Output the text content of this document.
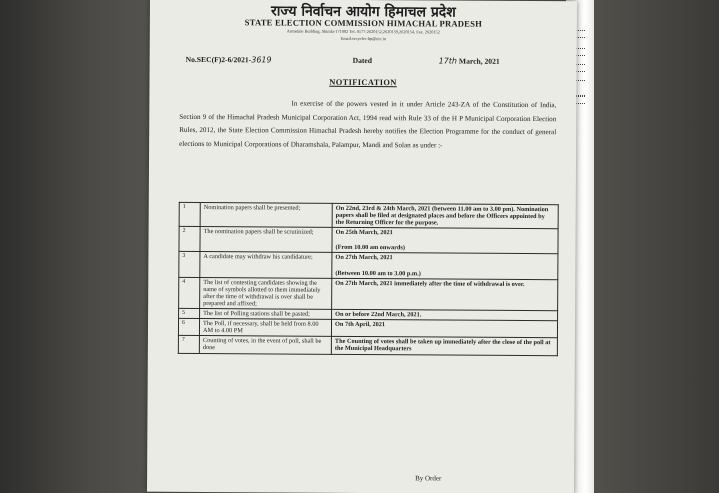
राज्य निर्वाचन आयोग हिमाचल प्रदेश
STATE ELECTION COMMISSION HIMACHAL PRADESH
Armsdale Building, Shimla-171002 Tel. 0177-2620152,2620159,2620154, Fax. 2620152
Email:secyelec-hp@nic.in
No.SEC(F)2-6/2021-3619	Dated	17th March, 2021
NOTIFICATION

In exercise of the powers vested in it under Article 243-ZA of the Constitution of India, Section 9 of the Himachal Pradesh Municipal Corporation Act, 1994 read with Rule 33 of the H P Municipal Corporation Election Rules, 2012, the State Election Commission Himachal Pradesh hereby notifies the Election Programme for the conduct of general elections to Municipal Corporations of Dharamshala, Palampur, Mandi and Solan as under :-

1	Nomination papers shall be presented;	On 22nd, 23rd & 24th March, 2021 (between 11.00 am to 3.00 pm). Nomination papers shall be filed at designated places and before the Officers appointed by the Returning Officer for the purpose.
2	The nomination papers shall be scrutinized;	On 25th March, 2021
(From 10.00 am onwards)

3	A candidate may withdraw his candidature;	On 27th March, 2021
(Between 10.00 am to 3.00 p.m.)

4	The list of contesting candidates showing the name of symbols allotted to them immediately after the time of withdrawal is over shall be prepared and affixed;	On 27th March, 2021 immediately after the time of withdrawal is over.
5	The list of Polling stations shall be pasted;	On or before 22nd March, 2021.
6	The Poll, if necessary, shall be held from 8.00 AM to 4.00 PM	On 7th April, 2021
7	Counting of votes, in the event of poll, shall be done	The Counting of votes shall be taken up immediately after the close of the poll at the Municipal Headquarters
By Order
